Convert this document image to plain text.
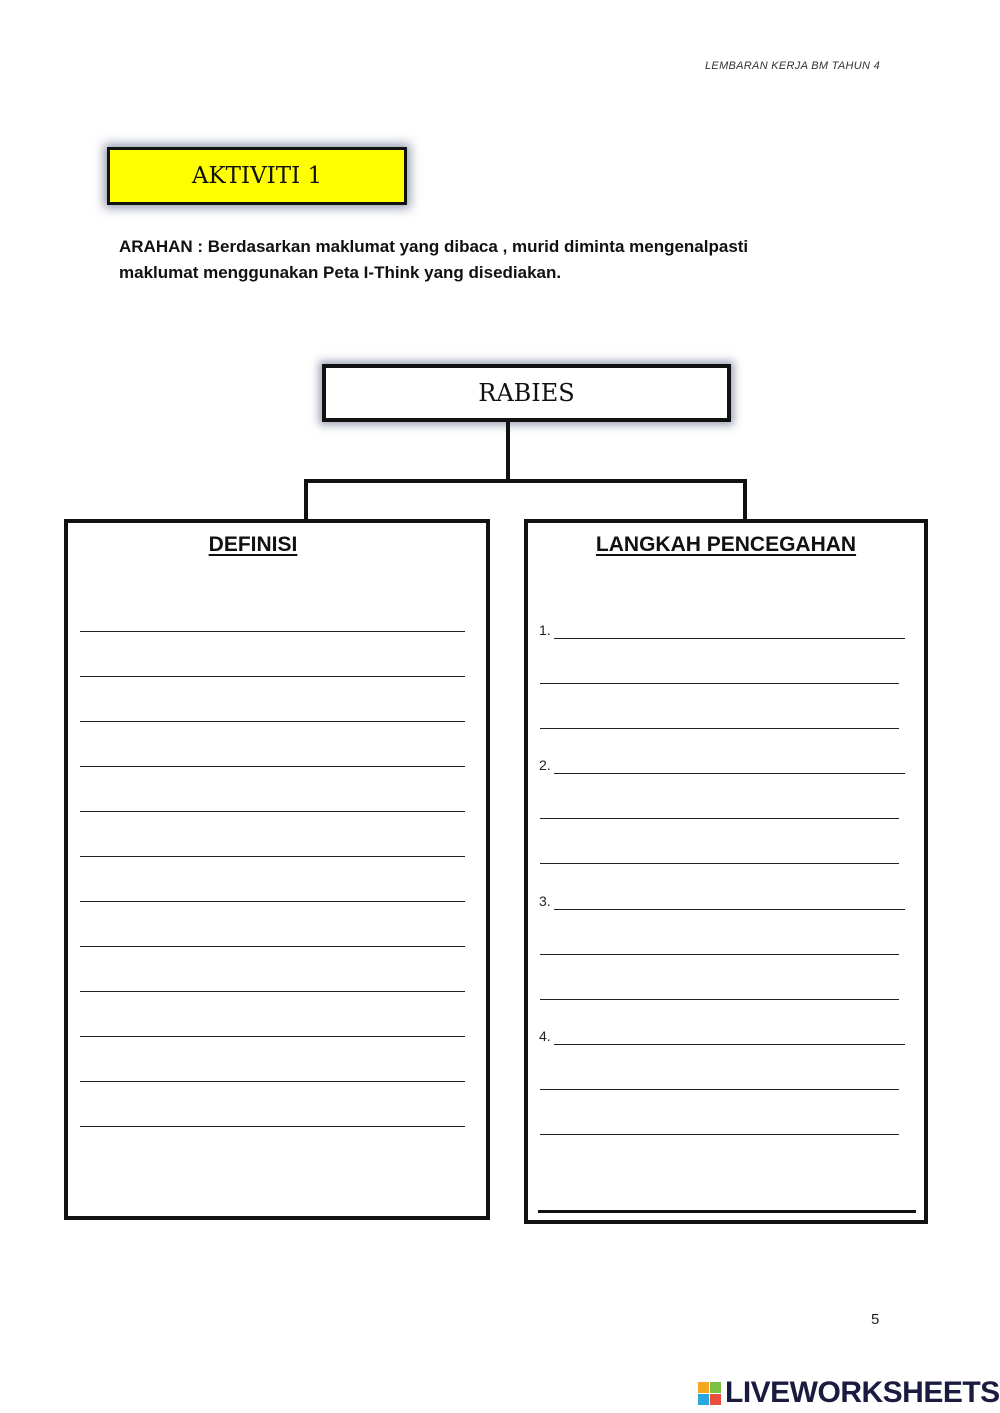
LEMBARAN KERJA BM TAHUN 4
AKTIVITI 1
ARAHAN : Berdasarkan maklumat yang dibaca , murid diminta mengenalpasti
maklumat menggunakan Peta I-Think yang disediakan.
RABIES
DEFINISI	LANGKAH PENCEGAHAN
1.
2.
3.
4.
5
LIVEWORKSHEETS
